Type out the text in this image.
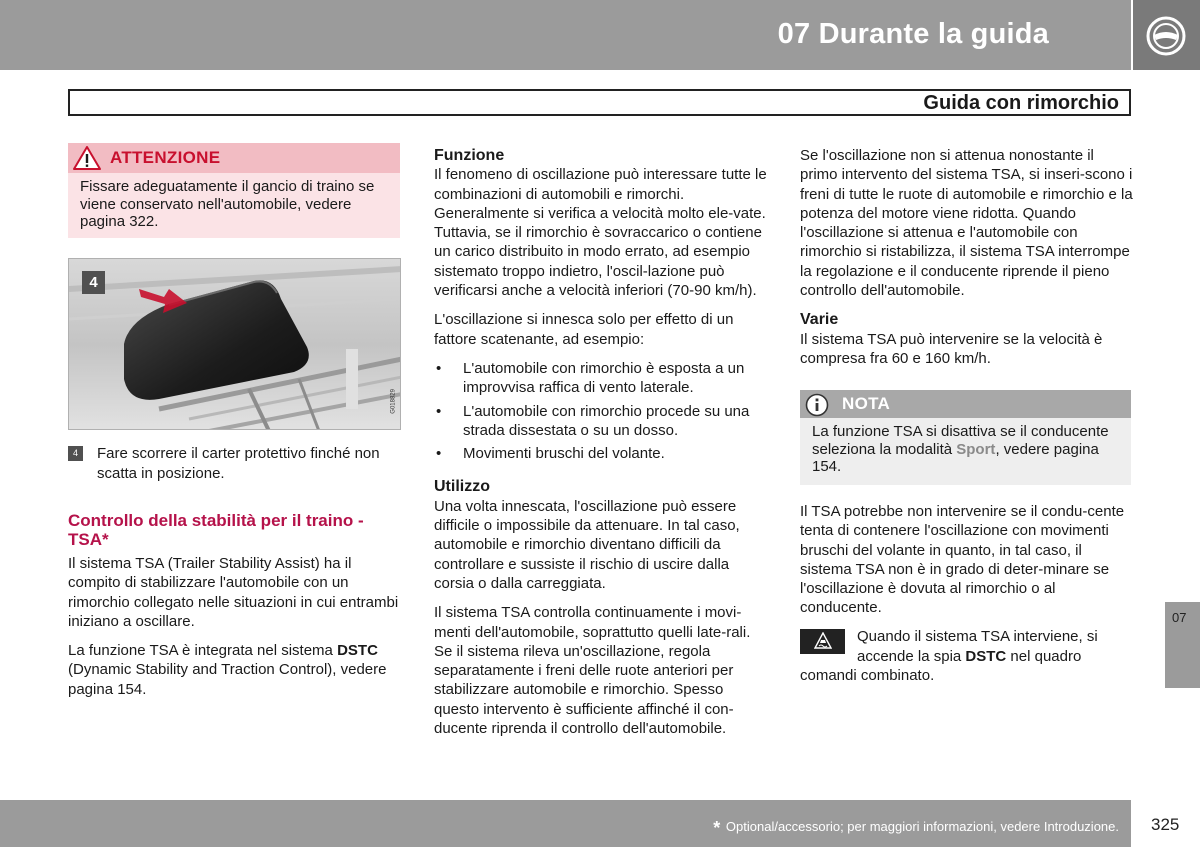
07 Durante la guida
Guida con rimorchio
ATTENZIONE
Fissare adeguatamente il gancio di traino se viene conservato nell'automobile, vedere pagina 322.
4
G018829
4	Fare scorrere il carter protettivo finché non scatta in posizione.
Controllo della stabilità per il traino - TSA*

Il sistema TSA (Trailer Stability Assist) ha il compito di stabilizzare l'automobile con un rimorchio collegato nelle situazioni in cui entrambi iniziano a oscillare.

La funzione TSA è integrata nel sistema DSTC (Dynamic Stability and Traction Control), vedere pagina 154.

Funzione

Il fenomeno di oscillazione può interessare tutte le combinazioni di automobili e rimorchi. Generalmente si verifica a velocità molto ele-vate. Tuttavia, se il rimorchio è sovraccarico o contiene un carico distribuito in modo errato, ad esempio sistemato troppo indietro, l'oscil-lazione può verificarsi anche a velocità inferiori (70-90 km/h).

L'oscillazione si innesca solo per effetto di un fattore scatenante, ad esempio:

• L'automobile con rimorchio è esposta a un improvvisa raffica di vento laterale.
• L'automobile con rimorchio procede su una strada dissestata o su un dosso.
• Movimenti bruschi del volante.
Utilizzo

Una volta innescata, l'oscillazione può essere difficile o impossibile da attenuare. In tal caso, automobile e rimorchio diventano difficili da controllare e sussiste il rischio di uscire dalla corsia o dalla carreggiata.

Il sistema TSA controlla continuamente i movi-menti dell'automobile, soprattutto quelli late-rali. Se il sistema rileva un'oscillazione, regola separatamente i freni delle ruote anteriori per stabilizzare automobile e rimorchio. Spesso questo intervento è sufficiente affinché il con-ducente riprenda il controllo dell'automobile.

Se l'oscillazione non si attenua nonostante il primo intervento del sistema TSA, si inseri-scono i freni di tutte le ruote di automobile e rimorchio e la potenza del motore viene ridotta. Quando l'oscillazione si attenua e l'automobile con rimorchio si ristabilizza, il sistema TSA interrompe la regolazione e il conducente riprende il pieno controllo dell'automobile.

Varie

Il sistema TSA può intervenire se la velocità è compresa fra 60 e 160 km/h.

NOTA
La funzione TSA si disattiva se il conducente seleziona la modalità Sport, vedere pagina 154.

Il TSA potrebbe non intervenire se il condu-cente tenta di contenere l'oscillazione con movimenti bruschi del volante in quanto, in tal caso, il sistema TSA non è in grado di deter-minare se l'oscillazione è dovuta al rimorchio o al conducente.

Quando il sistema TSA interviene, si accende la spia DSTC nel quadro
comandi combinato.
07
* Optional/accessorio; per maggiori informazioni, vedere Introduzione. 325
